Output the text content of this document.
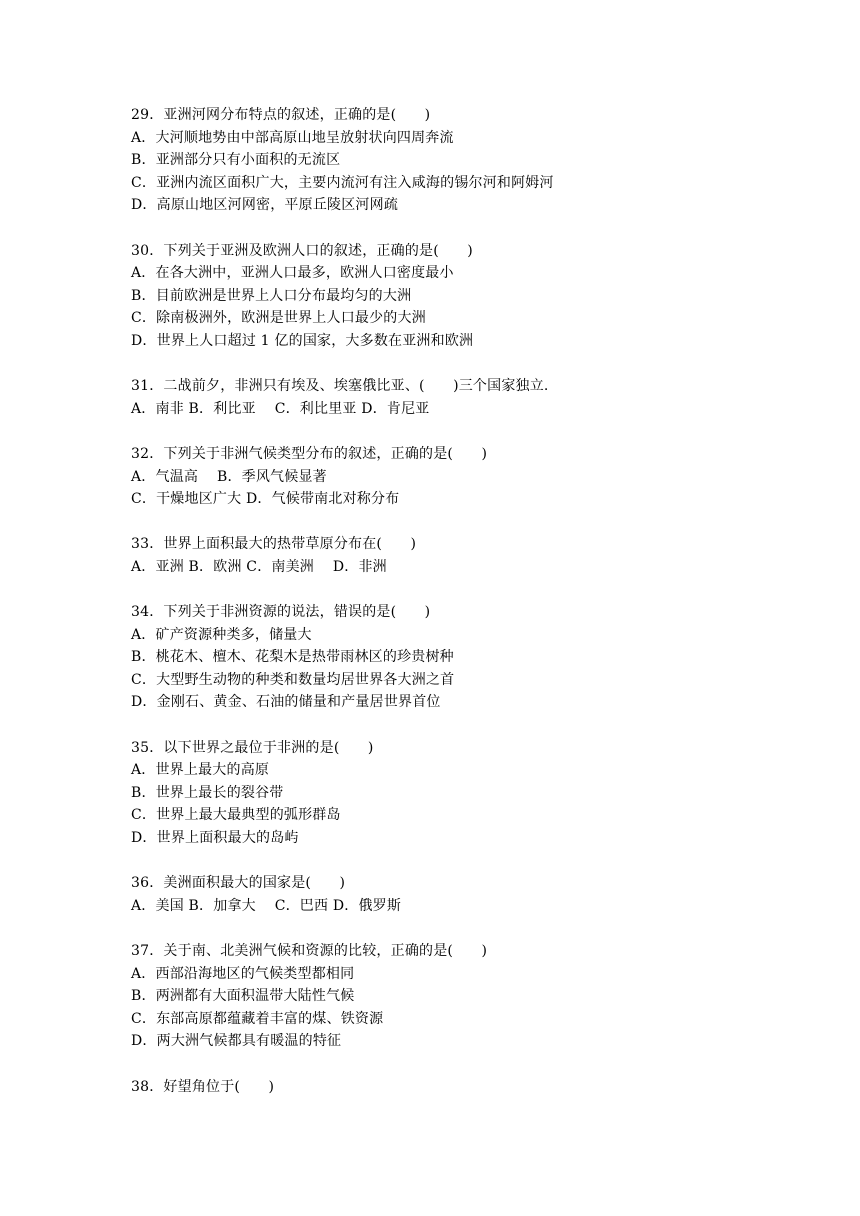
29．亚洲河网分布特点的叙述，正确的是(　　)
A．大河顺地势由中部高原山地呈放射状向四周奔流
B．亚洲部分只有小面积的无流区
C．亚洲内流区面积广大，主要内流河有注入咸海的锡尔河和阿姆河
D．高原山地区河网密，平原丘陵区河网疏
30．下列关于亚洲及欧洲人口的叙述，正确的是(　　)
A．在各大洲中，亚洲人口最多，欧洲人口密度最小
B．目前欧洲是世界上人口分布最均匀的大洲
C．除南极洲外，欧洲是世界上人口最少的大洲
D．世界上人口超过 1 亿的国家，大多数在亚洲和欧洲
31．二战前夕，非洲只有埃及、埃塞俄比亚、(　　)三个国家独立.
A．南非 B．利比亚　 C．利比里亚 D．肯尼亚
32．下列关于非洲气候类型分布的叙述，正确的是(　　)
A．气温高　 B．季风气候显著
C．干燥地区广大 D．气候带南北对称分布
33．世界上面积最大的热带草原分布在(　　)
A．亚洲 B．欧洲 C．南美洲　 D．非洲
34．下列关于非洲资源的说法，错误的是(　　)
A．矿产资源种类多，储量大
B．桃花木、檀木、花梨木是热带雨林区的珍贵树种
C．大型野生动物的种类和数量均居世界各大洲之首
D．金刚石、黄金、石油的储量和产量居世界首位
35．以下世界之最位于非洲的是(　　)
A．世界上最大的高原
B．世界上最长的裂谷带
C．世界上最大最典型的弧形群岛
D．世界上面积最大的岛屿
36．美洲面积最大的国家是(　　)
A．美国 B．加拿大　 C．巴西 D．俄罗斯
37．关于南、北美洲气候和资源的比较，正确的是(　　)
A．西部沿海地区的气候类型都相同
B．两洲都有大面积温带大陆性气候
C．东部高原都蕴藏着丰富的煤、铁资源
D．两大洲气候都具有暖温的特征
38．好望角位于(　　)
